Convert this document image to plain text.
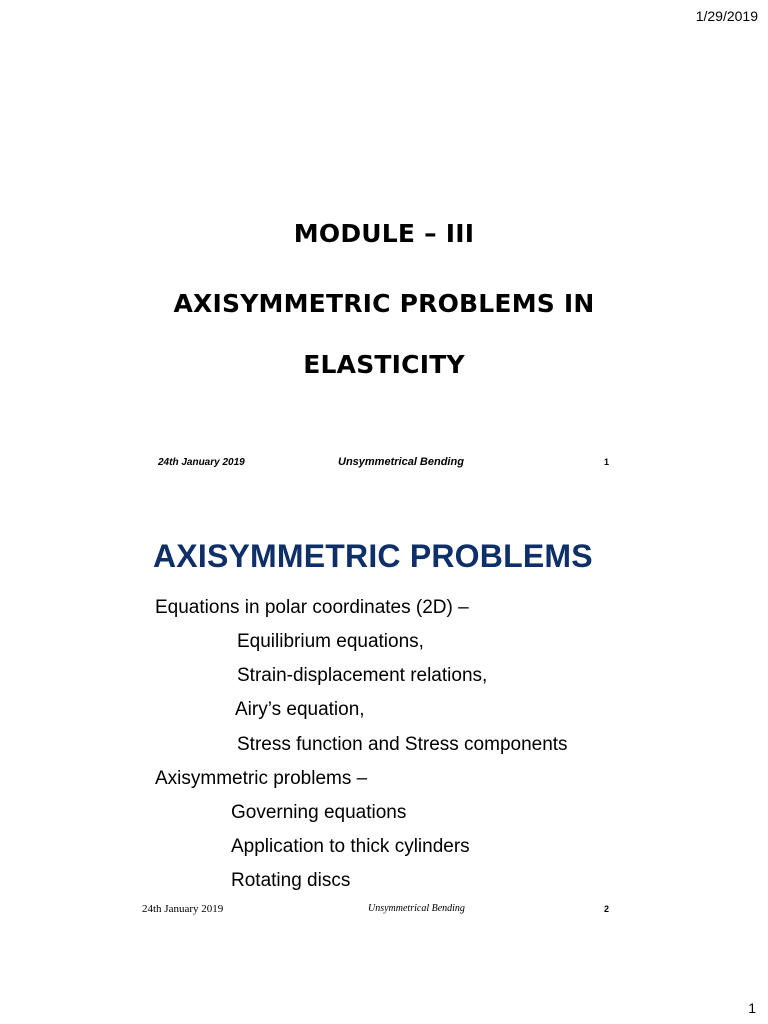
1/29/2019
MODULE – III
AXISYMMETRIC PROBLEMS IN
ELASTICITY
24th January 2019	Unsymmetrical Bending	1
AXISYMMETRIC PROBLEMS
Equations in polar coordinates (2D) –
Equilibrium equations,
Strain-displacement relations,
Airy’s equation,
Stress function and Stress components
Axisymmetric problems –
Governing equations
Application to thick cylinders
Rotating discs
24th January 2019	Unsymmetrical Bending	2
1
